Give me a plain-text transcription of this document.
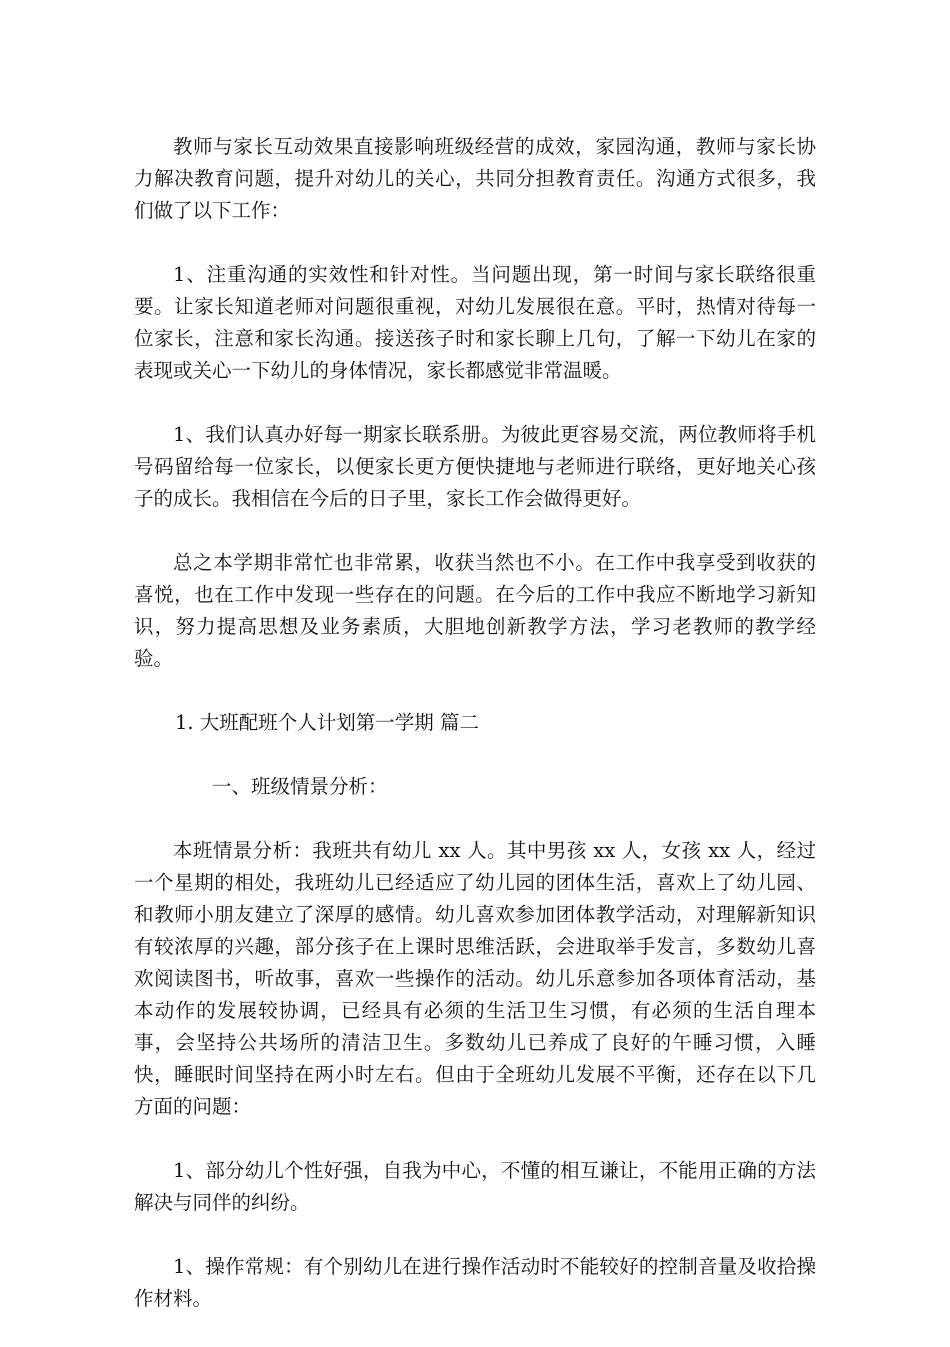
教师与家长互动效果直接影响班级经营的成效，家园沟通，教师与家长协力解决教育问题，提升对幼儿的关心，共同分担教育责任。沟通方式很多，我们做了以下工作：

1、注重沟通的实效性和针对性。当问题出现，第一时间与家长联络很重要。让家长知道老师对问题很重视，对幼儿发展很在意。平时，热情对待每一位家长，注意和家长沟通。接送孩子时和家长聊上几句，了解一下幼儿在家的表现或关心一下幼儿的身体情况，家长都感觉非常温暖。

1、我们认真办好每一期家长联系册。为彼此更容易交流，两位教师将手机号码留给每一位家长，以便家长更方便快捷地与老师进行联络，更好地关心孩子的成长。我相信在今后的日子里，家长工作会做得更好。

总之本学期非常忙也非常累，收获当然也不小。在工作中我享受到收获的喜悦，也在工作中发现一些存在的问题。在今后的工作中我应不断地学习新知识，努力提高思想及业务素质，大胆地创新教学方法，学习老教师的教学经验。

1. 大班配班个人计划第一学期 篇二

一、班级情景分析：

本班情景分析：我班共有幼儿 xx 人。其中男孩 xx 人，女孩 xx 人，经过一个星期的相处，我班幼儿已经适应了幼儿园的团体生活，喜欢上了幼儿园、和教师小朋友建立了深厚的感情。幼儿喜欢参加团体教学活动，对理解新知识有较浓厚的兴趣，部分孩子在上课时思维活跃，会进取举手发言，多数幼儿喜欢阅读图书，听故事，喜欢一些操作的活动。幼儿乐意参加各项体育活动，基本动作的发展较协调，已经具有必须的生活卫生习惯，有必须的生活自理本事，会坚持公共场所的清洁卫生。多数幼儿已养成了良好的午睡习惯，入睡快，睡眠时间坚持在两小时左右。但由于全班幼儿发展不平衡，还存在以下几方面的问题：

1、部分幼儿个性好强，自我为中心，不懂的相互谦让，不能用正确的方法解决与同伴的纠纷。

1、操作常规：有个别幼儿在进行操作活动时不能较好的控制音量及收拾操作材料。
